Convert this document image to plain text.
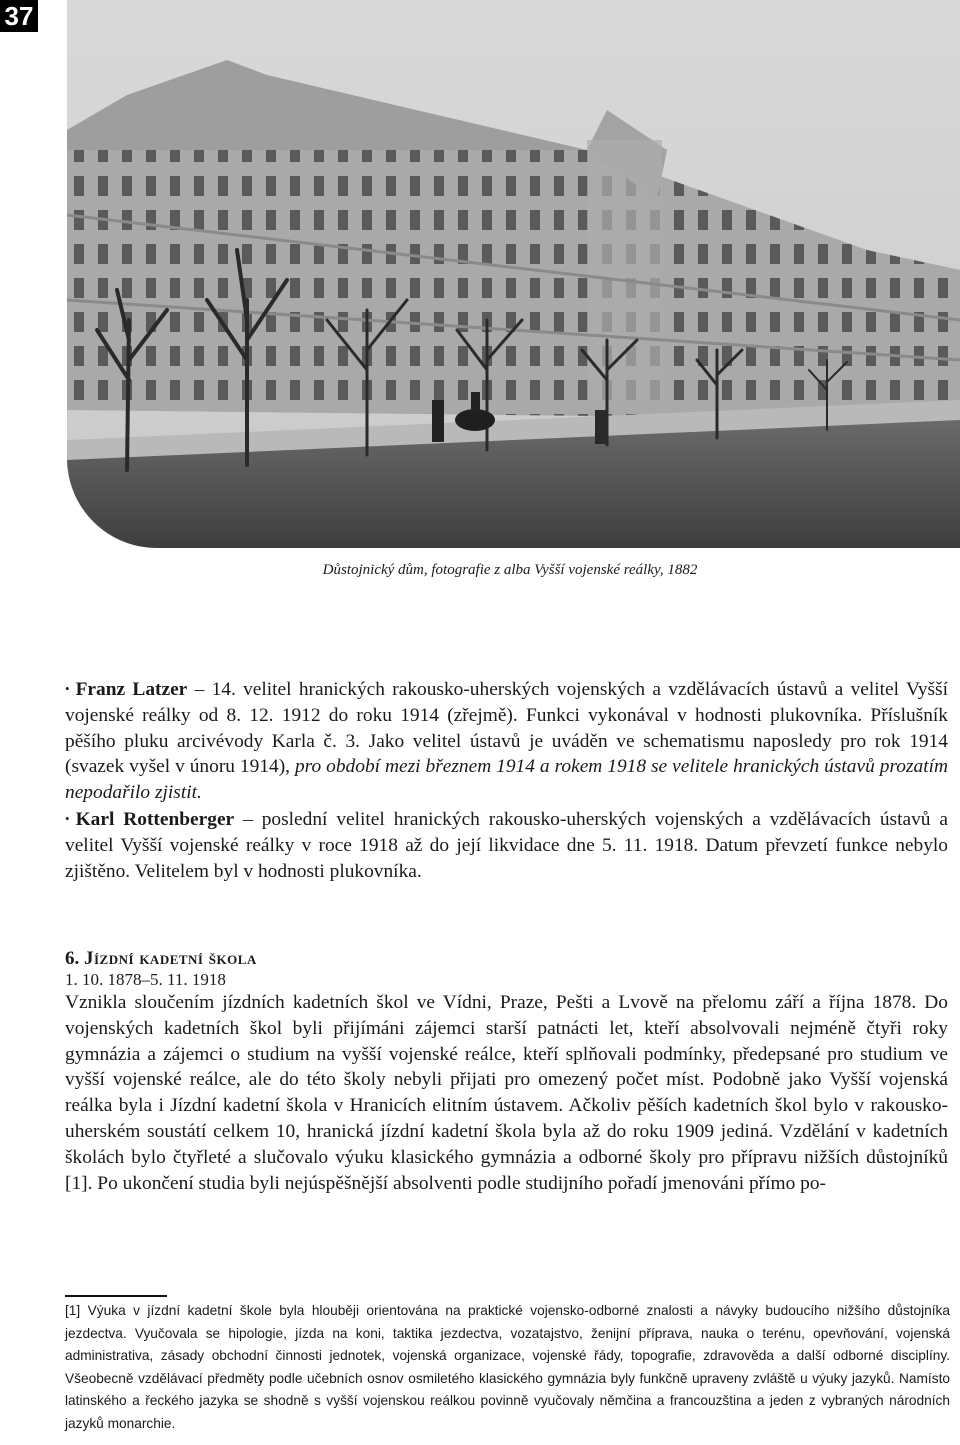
37
Důstojnický dům, fotografie z alba Vyšší vojenské reálky, 1882

• Franz Latzer – 14. velitel hranických rakousko-uherských vojenských a vzdělávacích ústavů a velitel Vyšší vojenské reálky od 8. 12. 1912 do roku 1914 (zřejmě). Funkci vykonával v hodnosti plukovníka. Příslušník pěšího pluku arcivévody Karla č. 3. Jako velitel ústavů je uváděn ve schematismu naposledy pro rok 1914 (svazek vyšel v únoru 1914), pro období mezi březnem 1914 a rokem 1918 se velitele hranických ústavů prozatím nepodařilo zjistit.

• Karl Rottenberger – poslední velitel hranických rakousko-uherských vojenských a vzdělávacích ústavů a velitel Vyšší vojenské reálky v roce 1918 až do její likvidace dne 5. 11. 1918. Datum převzetí funkce nebylo zjištěno. Velitelem byl v hodnosti plukovníka.

6. Jízdní kadetní škola

1. 10. 1878–5. 11. 1918

Vznikla sloučením jízdních kadetních škol ve Vídni, Praze, Pešti a Lvově na přelomu září a října 1878. Do vojenských kadetních škol byli přijímáni zájemci starší patnácti let, kteří absolvovali nejméně čtyři roky gymnázia a zájemci o studium na vyšší vojenské reálce, kteří splňovali podmínky, předepsané pro studium ve vyšší vojenské reálce, ale do této školy nebyli přijati pro omezený počet míst. Podobně jako Vyšší vojenská reálka byla i Jízdní kadetní škola v Hranicích elitním ústavem. Ačkoliv pěších kadetních škol bylo v rakousko-uherském soustátí celkem 10, hranická jízdní kadetní škola byla až do roku 1909 jediná. Vzdělání v kadetních školách bylo čtyřleté a slučovalo výuku klasického gymnázia a odborné školy pro přípravu nižších důstojníků [1]. Po ukončení studia byli nejúspěšnější absolventi podle studijního pořadí jmenováni přímo po-

[1] Výuka v jízdní kadetní škole byla hlouběji orientována na praktické vojensko-odborné znalosti a návyky budoucího nižšího důstojníka jezdectva. Vyučovala se hipologie, jízda na koni, taktika jezdectva, vozatajstvo, ženijní příprava, nauka o terénu, opevňování, vojenská administrativa, zásady obchodní činnosti jednotek, vojenská organizace, vojenské řády, topografie, zdravověda a další odborné disciplíny. Všeobecně vzdělávací předměty podle učebních osnov osmiletého klasického gymnázia byly funkčně upraveny zvláště u výuky jazyků. Namísto latinského a řeckého jazyka se shodně s vyšší vojenskou reálkou povinně vyučovaly němčina a francouzština a jeden z vybraných národních jazyků monarchie.
